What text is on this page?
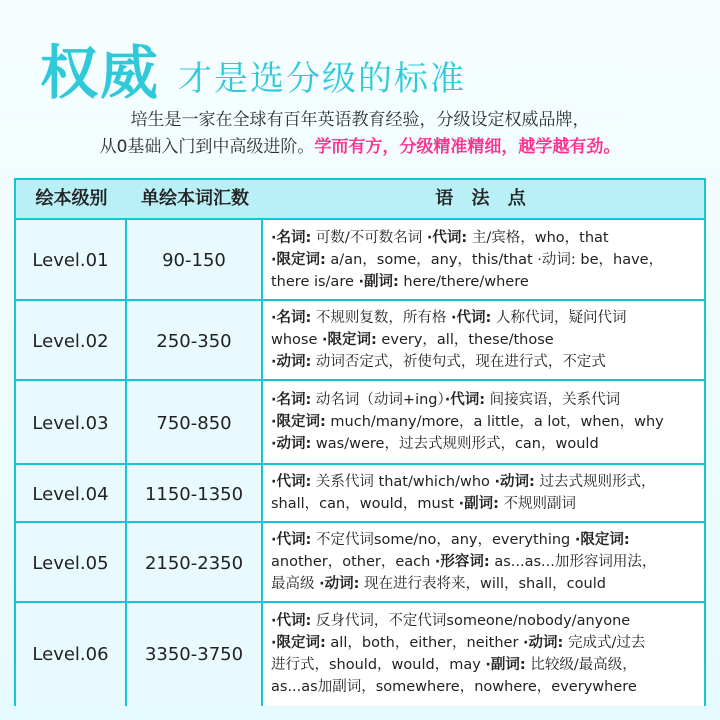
权威 才是选分级的标准
培生是一家在全球有百年英语教育经验，分级设定权威品牌，
从0基础入门到中高级进阶。学而有方，分级精准精细，越学越有劲。
绘本级别	单绘本词汇数	语 法 点
Level.01	90-150
·名词: 可数/不可数名词 ·代词: 主/宾格，who，that
·限定词: a/an，some，any，this/that ·动词: be，have，
there is/are ·副词: here/there/where
Level.02	250-350
·名词: 不规则复数，所有格 ·代词: 人称代词，疑问代词
whose ·限定词: every，all，these/those
·动词: 动词否定式，祈使句式，现在进行式，不定式
Level.03	750-850
·名词: 动名词（动词+ing）·代词: 间接宾语，关系代词
·限定词: much/many/more，a little，a lot，when，why
·动词: was/were，过去式规则形式，can，would
Level.04	1150-1350
·代词: 关系代词 that/which/who ·动词: 过去式规则形式，
shall，can，would，must ·副词: 不规则副词
Level.05	2150-2350
·代词: 不定代词some/no，any，everything ·限定词:
another，other，each ·形容词: as...as...加形容词用法，
最高级 ·动词: 现在进行表将来，will，shall，could
Level.06	3350-3750
·代词: 反身代词，不定代词someone/nobody/anyone
·限定词: all，both，either，neither ·动词: 完成式/过去
进行式，should，would，may ·副词: 比较级/最高级，
as...as加副词，somewhere，nowhere，everywhere
